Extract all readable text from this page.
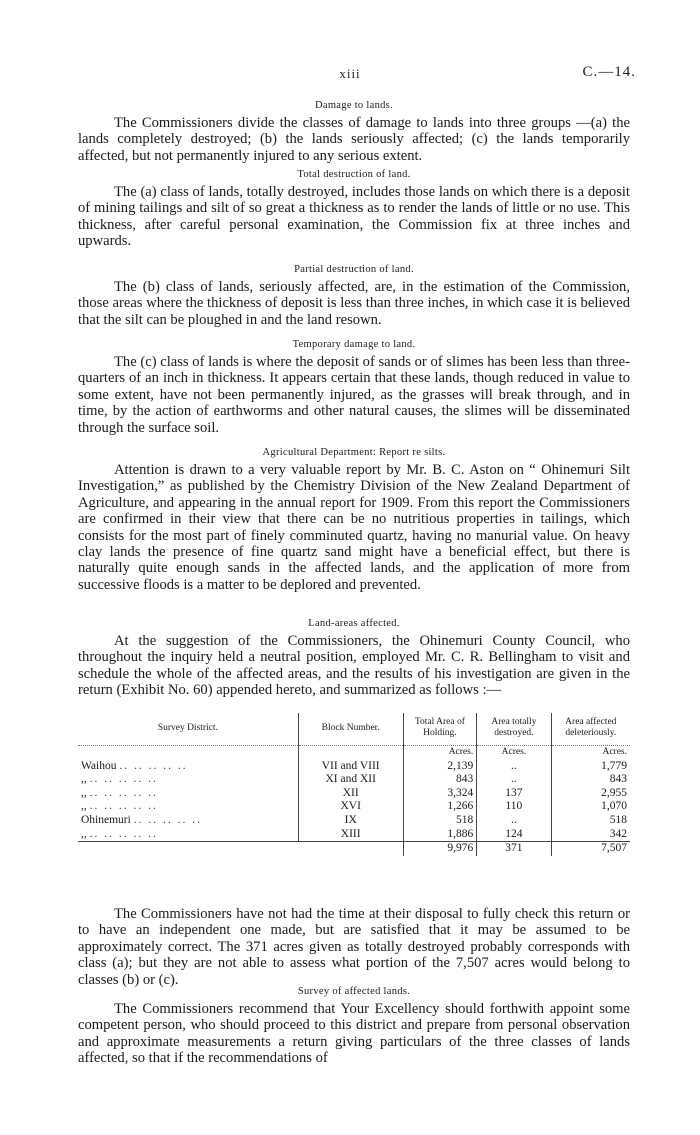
xiii	C.—14.

Damage to lands.

The Commissioners divide the classes of damage to lands into three groups —(a) the lands completely destroyed; (b) the lands seriously affected; (c) the lands temporarily affected, but not permanently injured to any serious extent.

Total destruction of land.

The (a) class of lands, totally destroyed, includes those lands on which there is a deposit of mining tailings and silt of so great a thickness as to render the lands of little or no use. This thickness, after careful personal examination, the Commission fix at three inches and upwards.

Partial destruction of land.

The (b) class of lands, seriously affected, are, in the estimation of the Commission, those areas where the thickness of deposit is less than three inches, in which case it is believed that the silt can be ploughed in and the land resown.

Temporary damage to land.

The (c) class of lands is where the deposit of sands or of slimes has been less than three-quarters of an inch in thickness. It appears certain that these lands, though reduced in value to some extent, have not been permanently injured, as the grasses will break through, and in time, by the action of earthworms and other natural causes, the slimes will be disseminated through the surface soil.

Agricultural Department: Report re silts.

Attention is drawn to a very valuable report by Mr. B. C. Aston on “ Ohinemuri Silt Investigation,” as published by the Chemistry Division of the New Zealand Department of Agriculture, and appearing in the annual report for 1909. From this report the Commissioners are confirmed in their view that there can be no nutritious properties in tailings, which consists for the most part of finely comminuted quartz, having no manurial value. On heavy clay lands the presence of fine quartz sand might have a beneficial effect, but there is naturally quite enough sands in the affected lands, and the application of more from successive floods is a matter to be deplored and prevented.

Land-areas affected.

At the suggestion of the Commissioners, the Ohinemuri County Council, who throughout the inquiry held a neutral position, employed Mr. C. R. Bellingham to visit and schedule the whole of the affected areas, and the results of his investigation are given in the return (Exhibit No. 60) appended hereto, and summarized as follows :—

Survey District.	Block Number.	Total Area of Holding.	Area totally destroyed.	Area affected deleteriously.
		Acres.	Acres.	Acres.
Waihou .. .. .. .. ..	VII and VIII	2,139	..	1,779
,, .. .. .. .. ..	XI and XII	843	..	843
,, .. .. .. .. ..	XII	3,324	137	2,955
,, .. .. .. .. ..	XVI	1,266	110	1,070
Ohinemuri .. .. .. .. ..	IX	518	..	518
,, .. .. .. .. ..	XIII	1,886	124	342
		9,976	371	7,507

The Commissioners have not had the time at their disposal to fully check this return or to have an independent one made, but are satisfied that it may be assumed to be approximately correct. The 371 acres given as totally destroyed probably corresponds with class (a); but they are not able to assess what portion of the 7,507 acres would belong to classes (b) or (c).

Survey of affected lands.

The Commissioners recommend that Your Excellency should forthwith appoint some competent person, who should proceed to this district and prepare from personal observation and approximate measurements a return giving particulars of the three classes of lands affected, so that if the recommendations of
